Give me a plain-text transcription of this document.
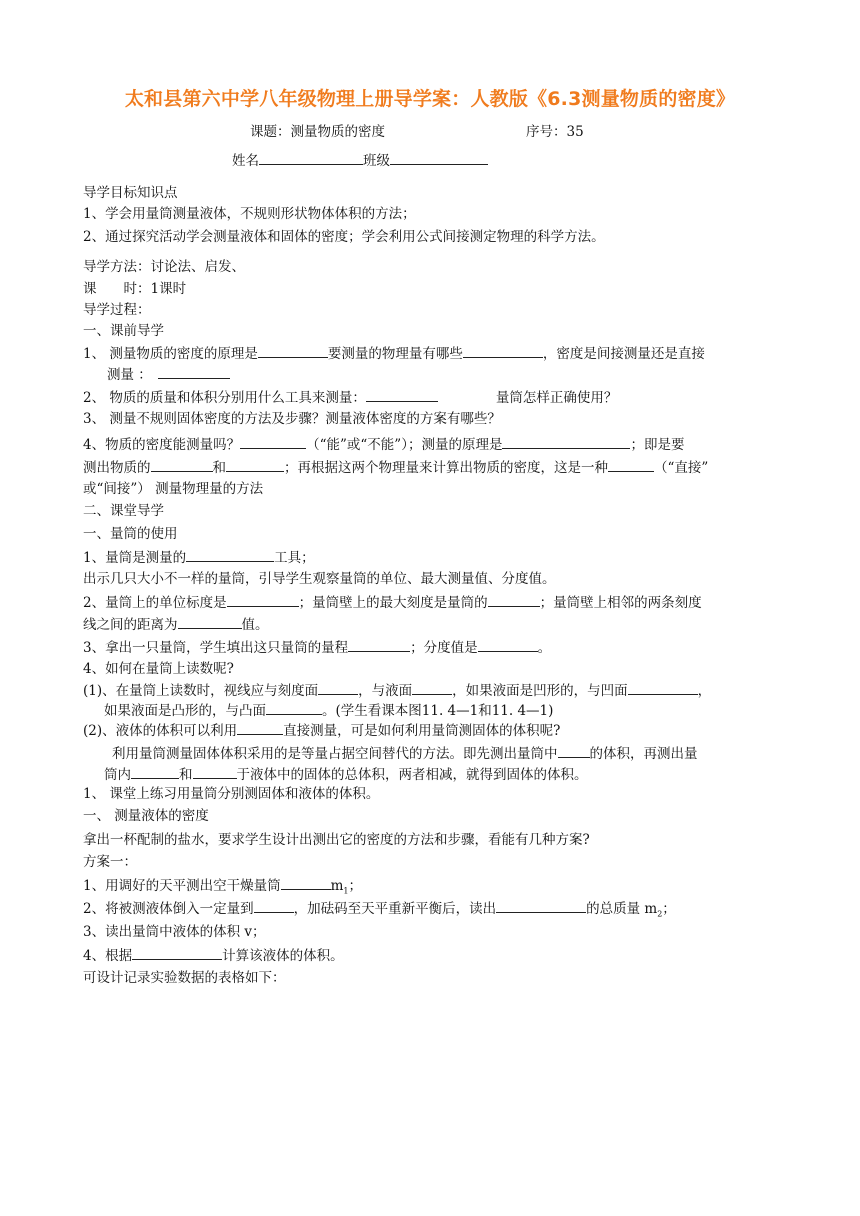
太和县第六中学八年级物理上册导学案：人教版《6.3测量物质的密度》
课题：测量物质的密度	序号：35
姓名	班级
导学目标知识点
1、学会用量筒测量液体，不规则形状物体体积的方法；
2、通过探究活动学会测量液体和固体的密度；学会利用公式间接测定物理的科学方法。
导学方法：讨论法、启发、
课　　时：1课时
导学过程：
一、课前导学
1、 测量物质的密度的原理是	要测量的物理量有哪些	，密度是间接测量还是直接
测量 ：
2、 物质的质量和体积分别用什么工具来测量：	量筒怎样正确使用？
3、 测量不规则固体密度的方法及步骤？测量液体密度的方案有哪些？
4、物质的密度能测量吗？	（“能”或“不能”）；测量的原理是	；即是要
测出物质的	和	；再根据这两个物理量来计算出物质的密度，这是一种	（“直接”
或“间接”） 测量物理量的方法
二、课堂导学
一、量筒的使用
1、量筒是测量的	工具；
出示几只大小不一样的量筒，引导学生观察量筒的单位、最大测量值、分度值。
2、量筒上的单位标度是	；量筒壁上的最大刻度是量筒的	；量筒壁上相邻的两条刻度
线之间的距离为	值。
3、拿出一只量筒，学生填出这只量筒的量程	；分度值是	。
4、如何在量筒上读数呢?
(1)、在量筒上读数时，视线应与刻度面	，与液面	，如果液面是凹形的，与凹面	，
如果液面是凸形的，与凸面	。(学生看课本图11. 4—1和11. 4—1)
(2)、液体的体积可以利用	直接测量，可是如何利用量筒测固体的体积呢?
利用量筒测量固体体积采用的是等量占据空间替代的方法。即先测出量筒中 的体积，再测出量
筒内	和	于液体中的固体的总体积，两者相减，就得到固体的体积。
1、 课堂上练习用量筒分别测固体和液体的体积。
一、 测量液体的密度
拿出一杯配制的盐水，要求学生设计出测出它的密度的方法和步骤，看能有几种方案?
方案一：
1、用调好的天平测出空干燥量筒	$m_1$；
2、将被测液体倒入一定量到	，加砝码至天平重新平衡后，读出	的总质量 $m_2$；
3、读出量筒中液体的体积 v；
4、根据	计算该液体的体积。
可设计记录实验数据的表格如下：
